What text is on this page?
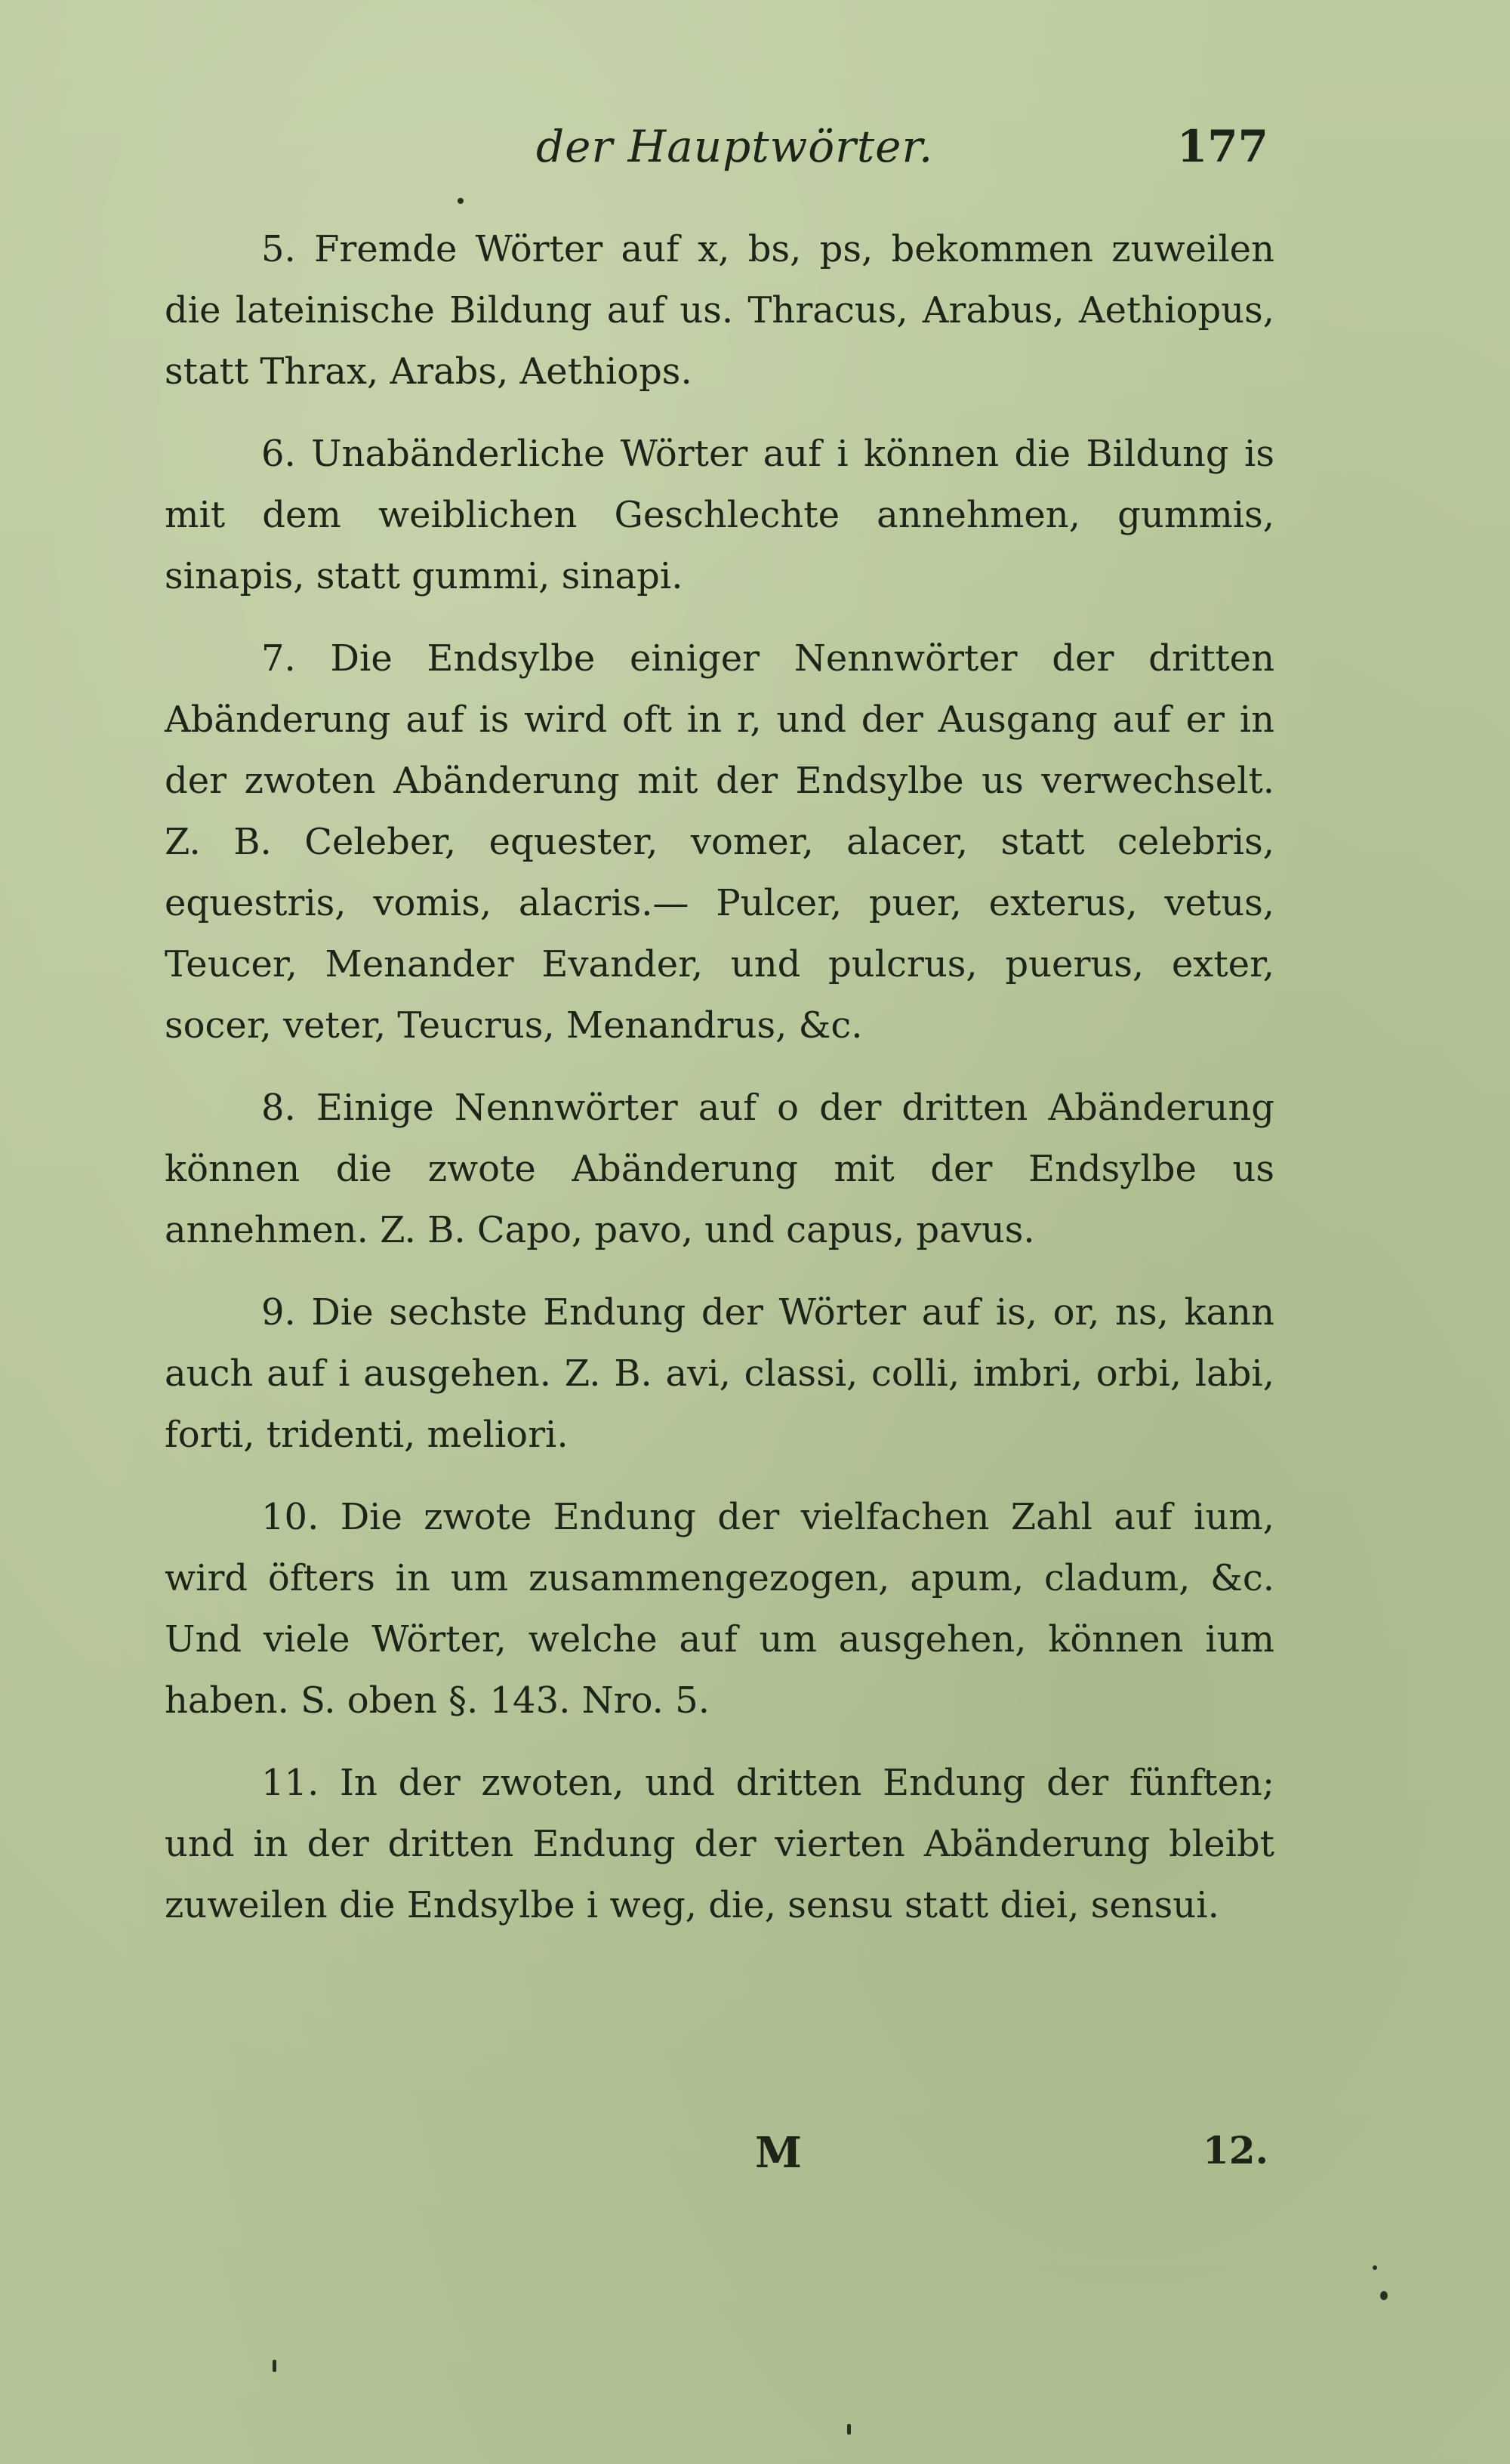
der Hauptwörter.	177

5. Fremde Wörter auf x, bs, ps, bekommen zuweilen die lateinische Bildung auf us. Thracus, Arabus, Aethiopus, statt Thrax, Arabs, Aethiops.

6. Unabänderliche Wörter auf i können die Bildung is mit dem weiblichen Geschlechte annehmen, gummis, sinapis, statt gummi, sinapi.

7. Die Endsylbe einiger Nennwörter der dritten Abänderung auf is wird oft in r, und der Ausgang auf er in der zwoten Abänderung mit der Endsylbe us verwechselt. Z. B. Celeber, equester, vomer, alacer, statt celebris, equestris, vomis, alacris.— Pulcer, puer, exterus, vetus, Teucer, Menander Evander, und pulcrus, puerus, exter, socer, veter, Teucrus, Menandrus, &c.

8. Einige Nennwörter auf o der dritten Abänderung können die zwote Abänderung mit der Endsylbe us annehmen. Z. B. Capo, pavo, und capus, pavus.

9. Die sechste Endung der Wörter auf is, or, ns, kann auch auf i ausgehen. Z. B. avi, classi, colli, imbri, orbi, labi, forti, tridenti, meliori.

10. Die zwote Endung der vielfachen Zahl auf ium, wird öfters in um zusammengezogen, apum, cladum, &c. Und viele Wörter, welche auf um ausgehen, können ium haben. S. oben §. 143. Nro. 5.

11. In der zwoten, und dritten Endung der fünften; und in der dritten Endung der vierten Abänderung bleibt zuweilen die Endsylbe i weg, die, sensu statt diei, sensui.

M	12.
